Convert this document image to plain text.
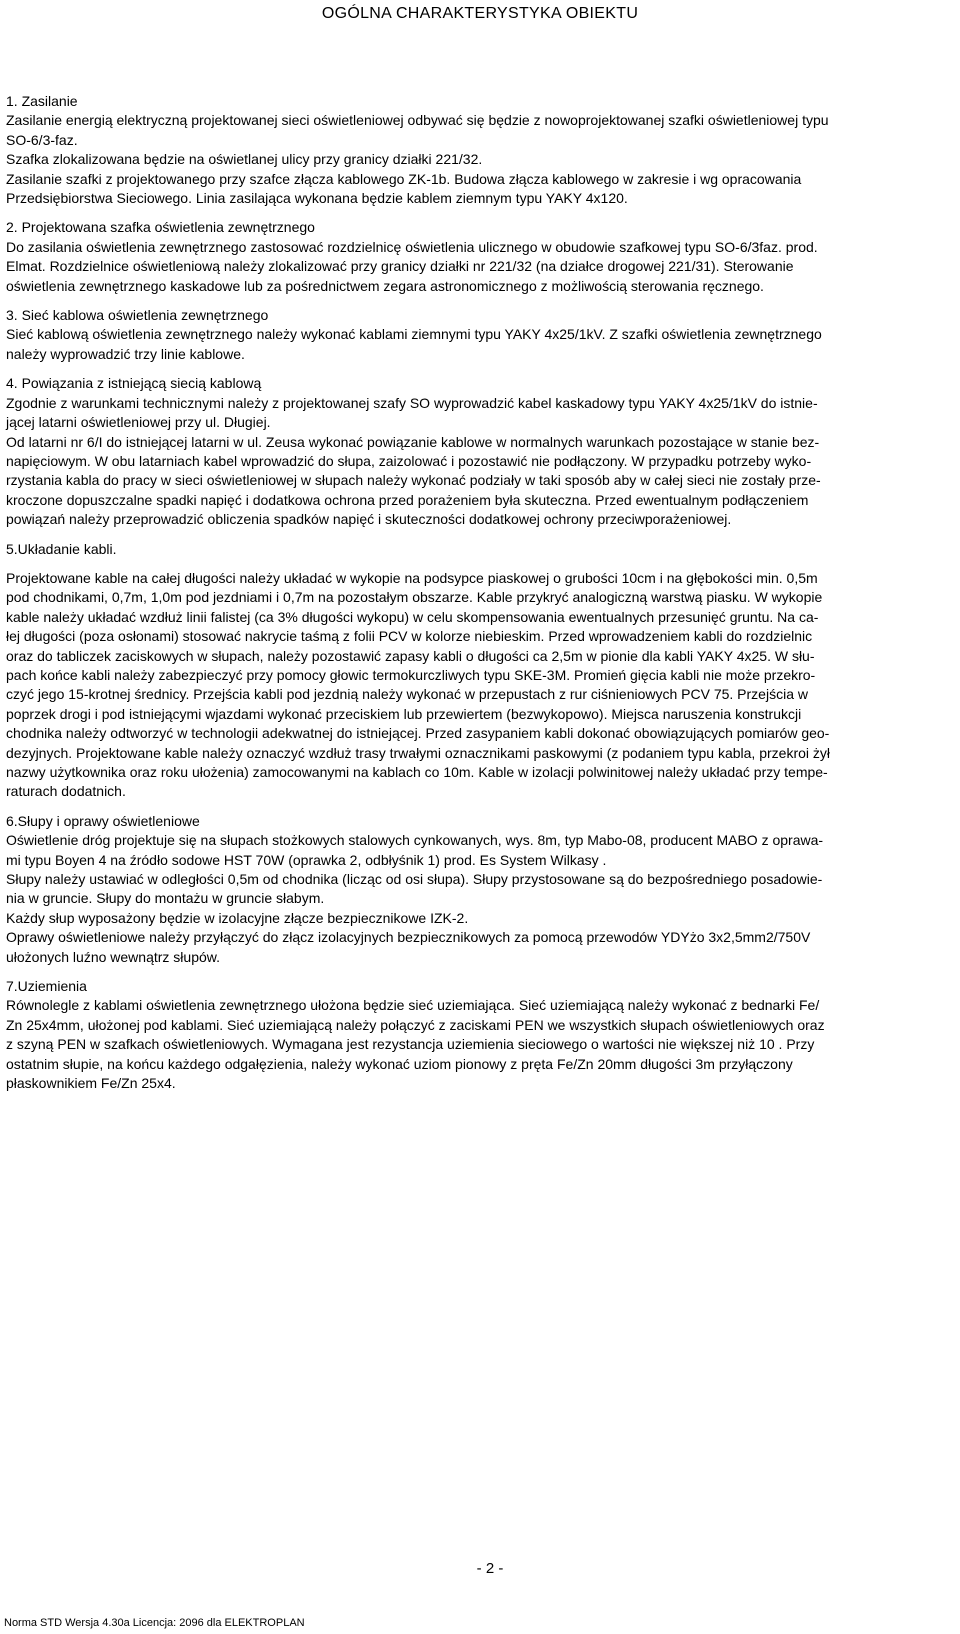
OGÓLNA CHARAKTERYSTYKA OBIEKTU
1. Zasilanie
Zasilanie energią elektryczną projektowanej sieci oświetleniowej odbywać się będzie z nowoprojektowanej szafki oświetleniowej typu
SO-6/3-faz.
Szafka zlokalizowana będzie na oświetlanej ulicy przy granicy działki 221/32.
Zasilanie szafki z projektowanego przy szafce złącza kablowego ZK-1b. Budowa złącza kablowego w zakresie i wg opracowania
Przedsiębiorstwa Sieciowego. Linia zasilająca wykonana będzie kablem ziemnym typu YAKY 4x120.
2. Projektowana szafka oświetlenia zewnętrznego
Do zasilania oświetlenia zewnętrznego zastosować rozdzielnicę oświetlenia ulicznego w obudowie szafkowej typu SO-6/3faz. prod.
Elmat. Rozdzielnice oświetleniową należy zlokalizować przy granicy działki nr 221/32 (na działce drogowej 221/31). Sterowanie
oświetlenia zewnętrznego kaskadowe lub za pośrednictwem zegara astronomicznego z możliwością sterowania ręcznego.
3. Sieć kablowa oświetlenia zewnętrznego
Sieć kablową oświetlenia zewnętrznego należy wykonać kablami ziemnymi typu YAKY 4x25/1kV. Z szafki oświetlenia zewnętrznego
należy wyprowadzić trzy linie kablowe.
4. Powiązania z istniejącą siecią kablową
Zgodnie z warunkami technicznymi należy z projektowanej szafy SO wyprowadzić kabel kaskadowy typu YAKY 4x25/1kV do istnie-
jącej latarni oświetleniowej przy ul. Długiej.
Od latarni nr 6/I do istniejącej latarni w ul. Zeusa wykonać powiązanie kablowe w normalnych warunkach pozostające w stanie bez-
napięciowym. W obu latarniach kabel wprowadzić do słupa, zaizolować i pozostawić nie podłączony. W przypadku potrzeby wyko-
rzystania kabla do pracy w sieci oświetleniowej w słupach należy wykonać podziały w taki sposób aby w całej sieci nie zostały prze-
kroczone dopuszczalne spadki napięć i dodatkowa ochrona przed porażeniem była skuteczna. Przed ewentualnym podłączeniem
powiązań należy przeprowadzić obliczenia spadków napięć i skuteczności dodatkowej ochrony przeciwporażeniowej.
5.Układanie kabli.
Projektowane kable na całej długości należy układać w wykopie na podsypce piaskowej o grubości 10cm i na głębokości min. 0,5m
pod chodnikami, 0,7m, 1,0m pod jezdniami i 0,7m na pozostałym obszarze. Kable przykryć analogiczną warstwą piasku. W wykopie
kable należy układać wzdłuż linii falistej (ca 3% długości wykopu) w celu skompensowania ewentualnych przesunięć gruntu. Na ca-
łej długości (poza osłonami) stosować nakrycie taśmą z folii PCV w kolorze niebieskim. Przed wprowadzeniem kabli do rozdzielnic
oraz do tabliczek zaciskowych w słupach, należy pozostawić zapasy kabli o długości ca 2,5m w pionie dla kabli YAKY 4x25. W słu-
pach końce kabli należy zabezpieczyć przy pomocy głowic termokurczliwych typu SKE-3M. Promień gięcia kabli nie może przekro-
czyć jego 15-krotnej średnicy. Przejścia kabli pod jezdnią należy wykonać w przepustach z rur ciśnieniowych PCV 75. Przejścia w
poprzek drogi i pod istniejącymi wjazdami wykonać przeciskiem lub przewiertem (bezwykopowo). Miejsca naruszenia konstrukcji
chodnika należy odtworzyć w technologii adekwatnej do istniejącej. Przed zasypaniem kabli dokonać obowiązujących pomiarów geo-
dezyjnych. Projektowane kable należy oznaczyć wzdłuż trasy trwałymi oznacznikami paskowymi (z podaniem typu kabla, przekroi żył
nazwy użytkownika oraz roku ułożenia) zamocowanymi na kablach co 10m. Kable w izolacji polwinitowej należy układać przy tempe-
raturach dodatnich.
6.Słupy i oprawy oświetleniowe
Oświetlenie dróg projektuje się na słupach stożkowych stalowych cynkowanych, wys. 8m, typ Mabo-08, producent MABO z oprawa-
mi typu Boyen 4 na źródło sodowe HST 70W (oprawka 2, odbłyśnik 1) prod. Es System Wilkasy .
Słupy należy ustawiać w odległości 0,5m od chodnika (licząc od osi słupa). Słupy przystosowane są do bezpośredniego posadowie-
nia w gruncie. Słupy do montażu w gruncie słabym.
Każdy słup wyposażony będzie w izolacyjne złącze bezpiecznikowe IZK-2.
Oprawy oświetleniowe należy przyłączyć do złącz izolacyjnych bezpiecznikowych za pomocą przewodów YDYżo 3x2,5mm2/750V
ułożonych luźno wewnątrz słupów.
7.Uziemienia
Równolegle z kablami oświetlenia zewnętrznego ułożona będzie sieć uziemiająca. Sieć uziemiającą należy wykonać z bednarki Fe/
Zn 25x4mm, ułożonej pod kablami. Sieć uziemiającą należy połączyć z zaciskami PEN we wszystkich słupach oświetleniowych oraz
z szyną PEN w szafkach oświetleniowych. Wymagana jest rezystancja uziemienia sieciowego o wartości nie większej niż 10 . Przy
ostatnim słupie, na końcu każdego odgałęzienia, należy wykonać uziom pionowy z pręta Fe/Zn 20mm długości 3m przyłączony
płaskownikiem Fe/Zn 25x4.
- 2 -
Norma STD Wersja 4.30a Licencja: 2096 dla ELEKTROPLAN
